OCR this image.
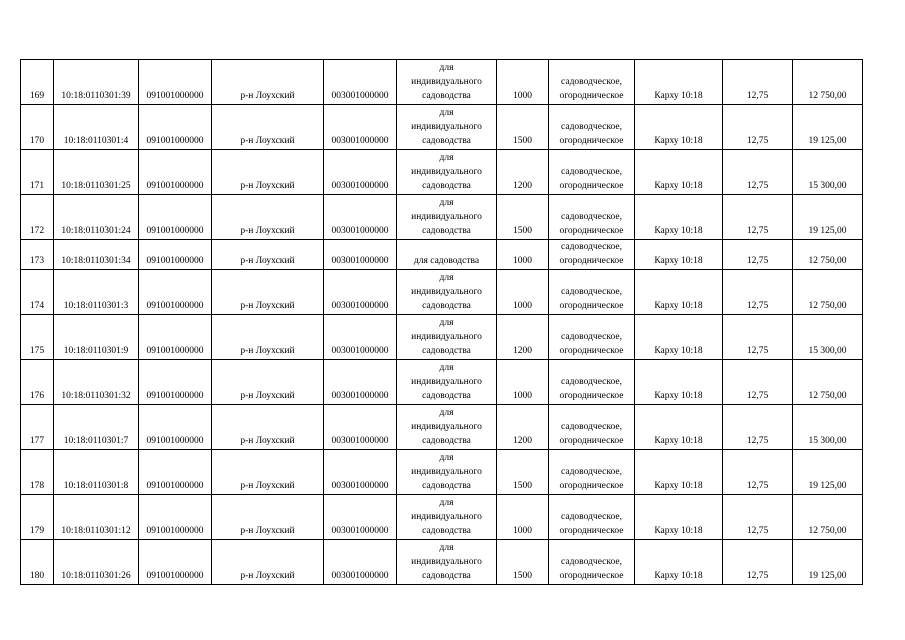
169	10:18:0110301:39	091001000000	р-н Лоухский	003001000000	для
индивидуального
садоводства	1000	садоводческое,
огородническое	Карху 10:18	12,75	12 750,00
170	10:18:0110301:4	091001000000	р-н Лоухский	003001000000	для
индивидуального
садоводства	1500	садоводческое,
огородническое	Карху 10:18	12,75	19 125,00
171	10:18:0110301:25	091001000000	р-н Лоухский	003001000000	для
индивидуального
садоводства	1200	садоводческое,
огородническое	Карху 10:18	12,75	15 300,00
172	10:18:0110301:24	091001000000	р-н Лоухский	003001000000	для
индивидуального
садоводства	1500	садоводческое,
огородническое	Карху 10:18	12,75	19 125,00
173	10:18:0110301:34	091001000000	р-н Лоухский	003001000000	для садоводства	1000	садоводческое,
огородническое	Карху 10:18	12,75	12 750,00
174	10:18:0110301:3	091001000000	р-н Лоухский	003001000000	для
индивидуального
садоводства	1000	садоводческое,
огородническое	Карху 10:18	12,75	12 750,00
175	10:18:0110301:9	091001000000	р-н Лоухский	003001000000	для
индивидуального
садоводства	1200	садоводческое,
огородническое	Карху 10:18	12,75	15 300,00
176	10:18:0110301:32	091001000000	р-н Лоухский	003001000000	для
индивидуального
садоводства	1000	садоводческое,
огородническое	Карху 10:18	12,75	12 750,00
177	10:18:0110301:7	091001000000	р-н Лоухский	003001000000	для
индивидуального
садоводства	1200	садоводческое,
огородническое	Карху 10:18	12,75	15 300,00
178	10:18:0110301:8	091001000000	р-н Лоухский	003001000000	для
индивидуального
садоводства	1500	садоводческое,
огородническое	Карху 10:18	12,75	19 125,00
179	10:18:0110301:12	091001000000	р-н Лоухский	003001000000	для
индивидуального
садоводства	1000	садоводческое,
огородническое	Карху 10:18	12,75	12 750,00
180	10:18:0110301:26	091001000000	р-н Лоухский	003001000000	для
индивидуального
садоводства	1500	садоводческое,
огородническое	Карху 10:18	12,75	19 125,00
